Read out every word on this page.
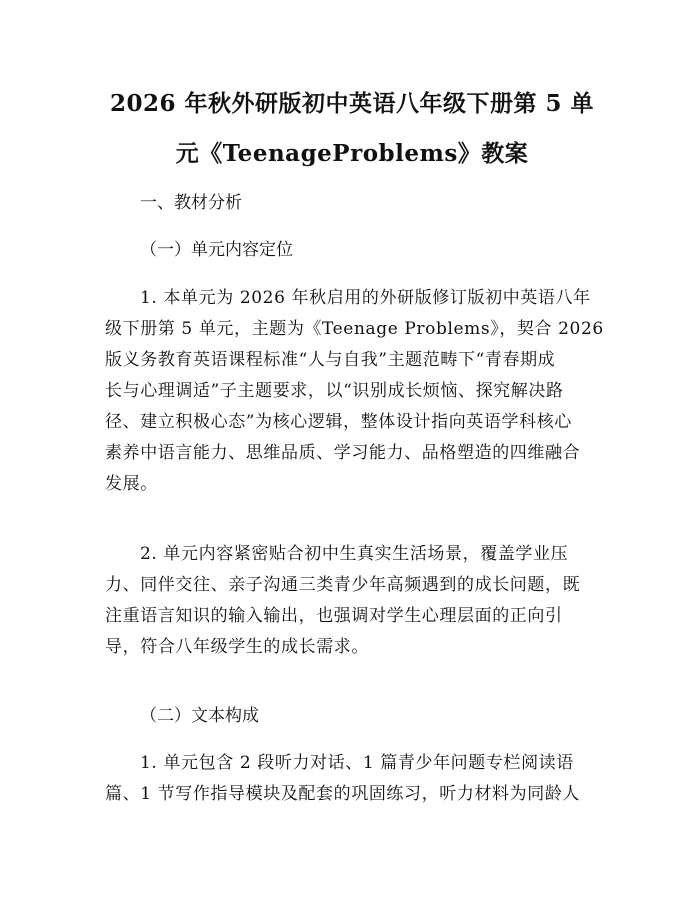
2026 年秋外研版初中英语八年级下册第 5 单
元《TeenageProblems》教案
一、教材分析
（一）单元内容定位
1. 本单元为 2026 年秋启用的外研版修订版初中英语八年
级下册第 5 单元，主题为《Teenage Problems》，契合 2026
版义务教育英语课程标准“人与自我”主题范畴下“青春期成
长与心理调适”子主题要求，以“识别成长烦恼、探究解决路
径、建立积极心态”为核心逻辑，整体设计指向英语学科核心
素养中语言能力、思维品质、学习能力、品格塑造的四维融合
发展。
2. 单元内容紧密贴合初中生真实生活场景，覆盖学业压
力、同伴交往、亲子沟通三类青少年高频遇到的成长问题，既
注重语言知识的输入输出，也强调对学生心理层面的正向引
导，符合八年级学生的成长需求。
（二）文本构成
1. 单元包含 2 段听力对话、1 篇青少年问题专栏阅读语
篇、1 节写作指导模块及配套的巩固练习，听力材料为同龄人
